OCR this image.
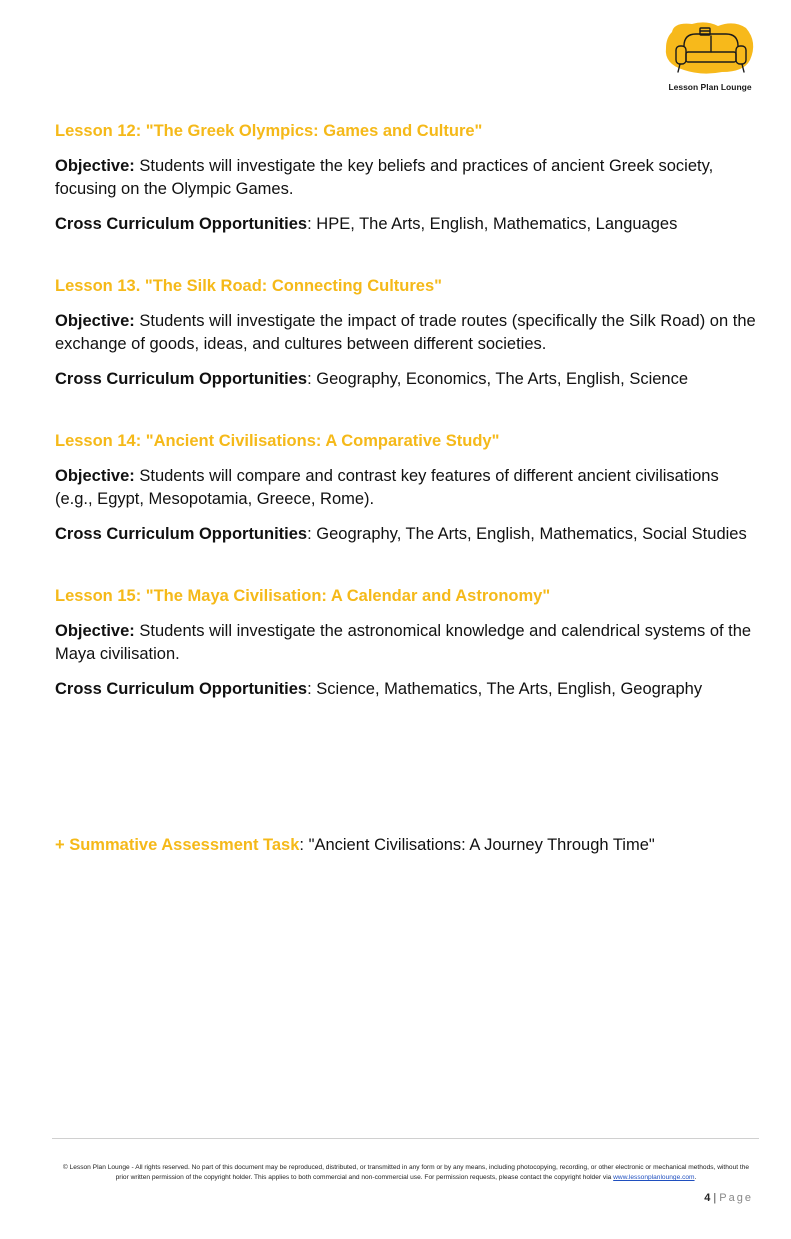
Lesson Plan Lounge
Lesson 12: "The Greek Olympics: Games and Culture"
Objective: Students will investigate the key beliefs and practices of ancient Greek society, focusing on the Olympic Games.
Cross Curriculum Opportunities: HPE, The Arts, English, Mathematics, Languages
Lesson 13. "The Silk Road: Connecting Cultures"
Objective: Students will investigate the impact of trade routes (specifically the Silk Road) on the exchange of goods, ideas, and cultures between different societies.
Cross Curriculum Opportunities: Geography, Economics, The Arts, English, Science
Lesson 14: "Ancient Civilisations: A Comparative Study"
Objective: Students will compare and contrast key features of different ancient civilisations (e.g., Egypt, Mesopotamia, Greece, Rome).
Cross Curriculum Opportunities: Geography, The Arts, English, Mathematics, Social Studies
Lesson 15: "The Maya Civilisation: A Calendar and Astronomy"
Objective: Students will investigate the astronomical knowledge and calendrical systems of the Maya civilisation.
Cross Curriculum Opportunities: Science, Mathematics, The Arts, English, Geography
+ Summative Assessment Task: "Ancient Civilisations: A Journey Through Time"
© Lesson Plan Lounge - All rights reserved. No part of this document may be reproduced, distributed, or transmitted in any form or by any means, including photocopying, recording, or other electronic or mechanical methods, without the prior written permission of the copyright holder. This applies to both commercial and non-commercial use. For permission requests, please contact the copyright holder via www.lessonplanlounge.com.
4 | Page
